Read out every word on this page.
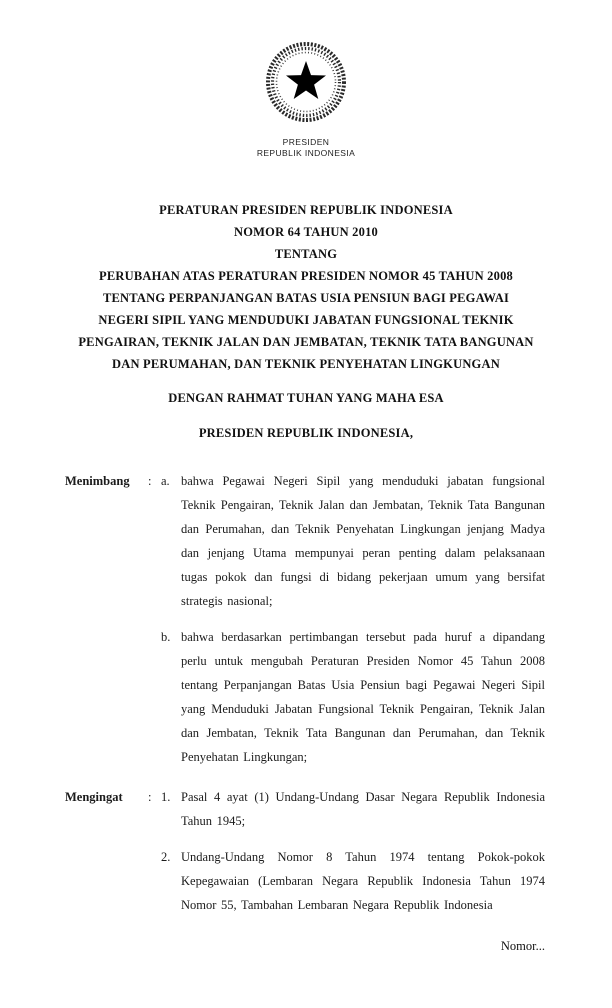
PRESIDEN
REPUBLIK INDONESIA
PERATURAN PRESIDEN REPUBLIK INDONESIA
NOMOR 64 TAHUN 2010
TENTANG
PERUBAHAN ATAS PERATURAN PRESIDEN NOMOR 45 TAHUN 2008
TENTANG PERPANJANGAN BATAS USIA PENSIUN BAGI PEGAWAI
NEGERI SIPIL YANG MENDUDUKI JABATAN FUNGSIONAL TEKNIK
PENGAIRAN, TEKNIK JALAN DAN JEMBATAN, TEKNIK TATA BANGUNAN
DAN PERUMAHAN, DAN TEKNIK PENYEHATAN LINGKUNGAN
DENGAN RAHMAT TUHAN YANG MAHA ESA
PRESIDEN REPUBLIK INDONESIA,
Menimbang	: a. bahwa Pegawai Negeri Sipil yang menduduki jabatan fungsional Teknik Pengairan, Teknik Jalan dan Jembatan, Teknik Tata Bangunan dan Perumahan, dan Teknik Penyehatan Lingkungan jenjang Madya dan jenjang Utama mempunyai peran penting dalam pelaksanaan tugas pokok dan fungsi di bidang pekerjaan umum yang bersifat strategis nasional;
b. bahwa berdasarkan pertimbangan tersebut pada huruf a dipandang perlu untuk mengubah Peraturan Presiden Nomor 45 Tahun 2008 tentang Perpanjangan Batas Usia Pensiun bagi Pegawai Negeri Sipil yang Menduduki Jabatan Fungsional Teknik Pengairan, Teknik Jalan dan Jembatan, Teknik Tata Bangunan dan Perumahan, dan Teknik Penyehatan Lingkungan;
Mengingat	: 1. Pasal 4 ayat (1) Undang-Undang Dasar Negara Republik Indonesia Tahun 1945;
2. Undang-Undang Nomor 8 Tahun 1974 tentang Pokok-pokok Kepegawaian (Lembaran Negara Republik Indonesia Tahun 1974 Nomor 55, Tambahan Lembaran Negara Republik Indonesia
Nomor...
